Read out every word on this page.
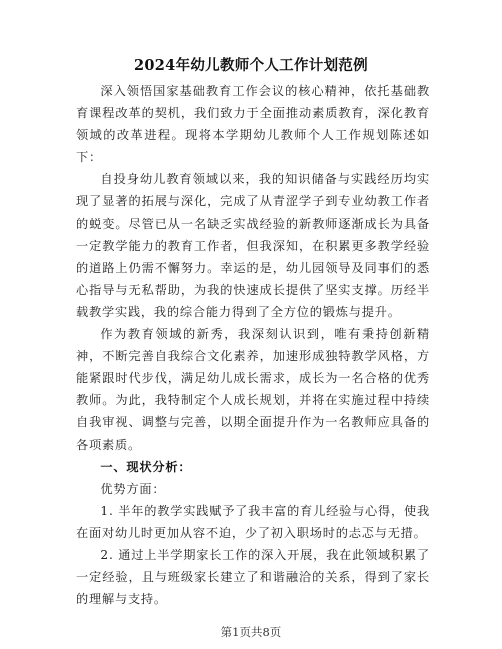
2024年幼儿教师个人工作计划范例

深入领悟国家基础教育工作会议的核心精神，依托基础教育课程改革的契机，我们致力于全面推动素质教育，深化教育领域的改革进程。现将本学期幼儿教师个人工作规划陈述如下：

自投身幼儿教育领域以来，我的知识储备与实践经历均实现了显著的拓展与深化，完成了从青涩学子到专业幼教工作者的蜕变。尽管已从一名缺乏实战经验的新教师逐渐成长为具备一定教学能力的教育工作者，但我深知，在积累更多教学经验的道路上仍需不懈努力。幸运的是，幼儿园领导及同事们的悉心指导与无私帮助，为我的快速成长提供了坚实支撑。历经半载教学实践，我的综合能力得到了全方位的锻炼与提升。

作为教育领域的新秀，我深刻认识到，唯有秉持创新精神，不断完善自我综合文化素养，加速形成独特教学风格，方能紧跟时代步伐，满足幼儿成长需求，成长为一名合格的优秀教师。为此，我特制定个人成长规划，并将在实施过程中持续自我审视、调整与完善，以期全面提升作为一名教师应具备的各项素质。

一、现状分析：

优势方面：

1. 半年的教学实践赋予了我丰富的育儿经验与心得，使我在面对幼儿时更加从容不迫，少了初入职场时的忐忑与无措。

2. 通过上半学期家长工作的深入开展，我在此领域积累了一定经验，且与班级家长建立了和谐融洽的关系，得到了家长的理解与支持。

第1页共8页
